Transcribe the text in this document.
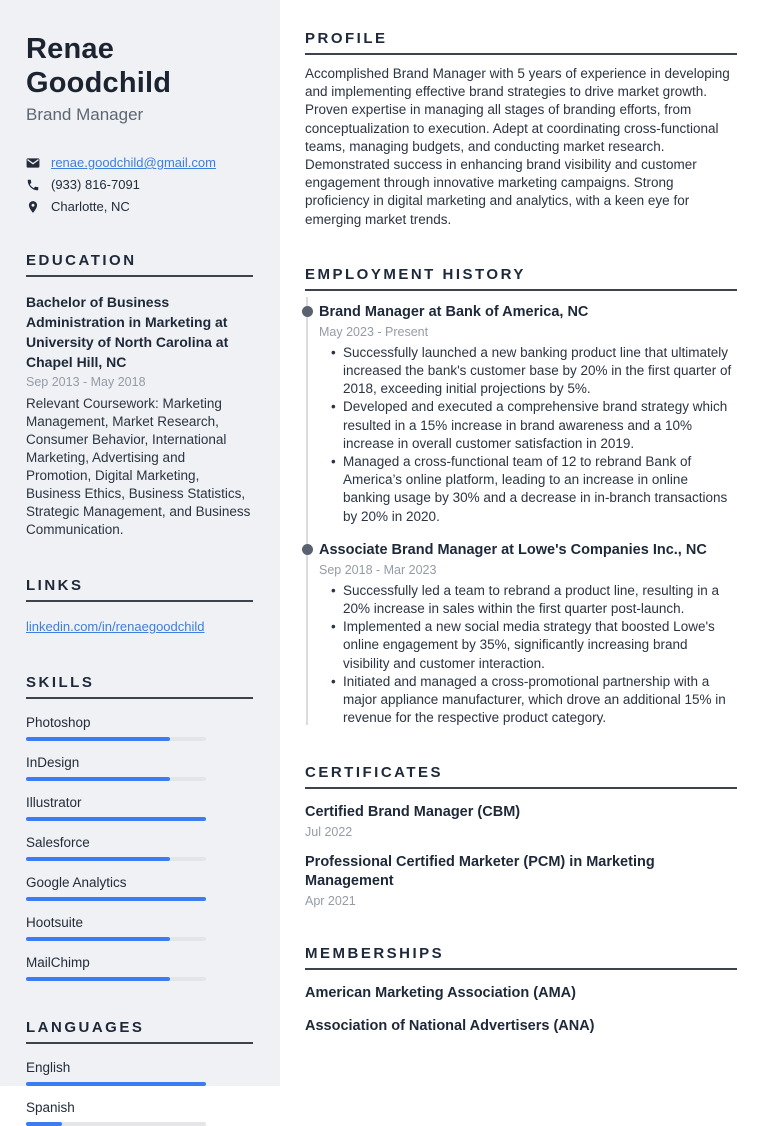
Renae Goodchild
Brand Manager
renae.goodchild@gmail.com
(933) 816-7091
Charlotte, NC
EDUCATION
Bachelor of Business Administration in Marketing at University of North Carolina at Chapel Hill, NC
Sep 2013 - May 2018

Relevant Coursework: Marketing Management, Market Research, Consumer Behavior, International Marketing, Advertising and Promotion, Digital Marketing, Business Ethics, Business Statistics, Strategic Management, and Business Communication.

LINKS
linkedin.com/in/renaegoodchild
SKILLS
Photoshop
InDesign
Illustrator
Salesforce
Google Analytics
Hootsuite
MailChimp
LANGUAGES
English
Spanish
PROFILE

Accomplished Brand Manager with 5 years of experience in developing and implementing effective brand strategies to drive market growth. Proven expertise in managing all stages of branding efforts, from conceptualization to execution. Adept at coordinating cross-functional teams, managing budgets, and conducting market research. Demonstrated success in enhancing brand visibility and customer engagement through innovative marketing campaigns. Strong proficiency in digital marketing and analytics, with a keen eye for emerging market trends.

EMPLOYMENT HISTORY
Brand Manager at Bank of America, NC
May 2023 - Present
• Successfully launched a new banking product line that ultimately increased the bank's customer base by 20% in the first quarter of 2018, exceeding initial projections by 5%.
• Developed and executed a comprehensive brand strategy which resulted in a 15% increase in brand awareness and a 10% increase in overall customer satisfaction in 2019.
• Managed a cross-functional team of 12 to rebrand Bank of America’s online platform, leading to an increase in online banking usage by 30% and a decrease in in-branch transactions by 20% in 2020.
Associate Brand Manager at Lowe's Companies Inc., NC
Sep 2018 - Mar 2023
• Successfully led a team to rebrand a product line, resulting in a 20% increase in sales within the first quarter post-launch.
• Implemented a new social media strategy that boosted Lowe's online engagement by 35%, significantly increasing brand visibility and customer interaction.
• Initiated and managed a cross-promotional partnership with a major appliance manufacturer, which drove an additional 15% in revenue for the respective product category.
CERTIFICATES
Certified Brand Manager (CBM)
Jul 2022
Professional Certified Marketer (PCM) in Marketing Management
Apr 2021
MEMBERSHIPS
American Marketing Association (AMA)
Association of National Advertisers (ANA)
